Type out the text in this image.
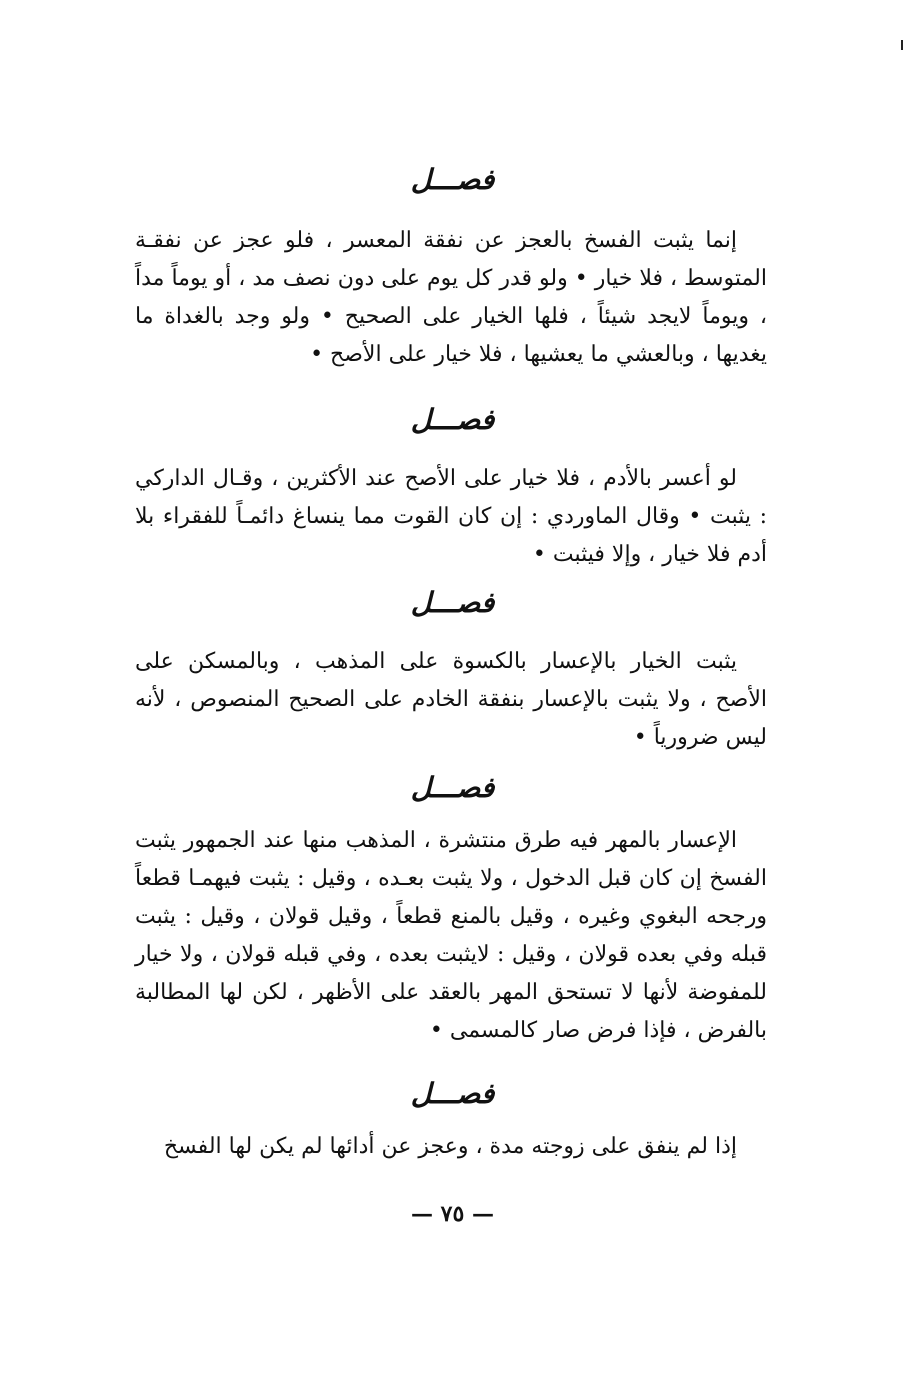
فصـــل

إنما يثبت الفسخ بالعجز عن نفقة المعسر ، فلو عجز عن نفقـة المتوسط ، فلا خيار • ولو قدر كل يوم على دون نصف مد ، أو يوماً مداً ، ويوماً لايجد شيئاً ، فلها الخيار على الصحيح • ولو وجد بالغداة ما يغديها ، وبالعشي ما يعشيها ، فلا خيار على الأصح •

فصـــل

لو أعسر بالأدم ، فلا خيار على الأصح عند الأكثرين ، وقـال الداركي : يثبت • وقال الماوردي : إن كان القوت مما ينساغ دائمـاً للفقراء بلا أدم فلا خيار ، وإلا فيثبت •

فصـــل

يثبت الخيار بالإعسار بالكسوة على المذهب ، وبالمسكن على الأصح ، ولا يثبت بالإعسار بنفقة الخادم على الصحيح المنصوص ، لأنه ليس ضرورياً •

فصـــل

الإعسار بالمهر فيه طرق منتشرة ، المذهب منها عند الجمهور يثبت الفسخ إن كان قبل الدخول ، ولا يثبت بعـده ، وقيل : يثبت فيهمـا قطعاً ورجحه البغوي وغيره ، وقيل بالمنع قطعاً ، وقيل قولان ، وقيل : يثبت قبله وفي بعده قولان ، وقيل : لايثبت بعده ، وفي قبله قولان ، ولا خيار للمفوضة لأنها لا تستحق المهر بالعقد على الأظهر ، لكن لها المطالبة بالفرض ، فإذا فرض صار كالمسمى •

فصـــل

إذا لم ينفق على زوجته مدة ، وعجز عن أدائها لم يكن لها الفسخ

— ٧٥ —
